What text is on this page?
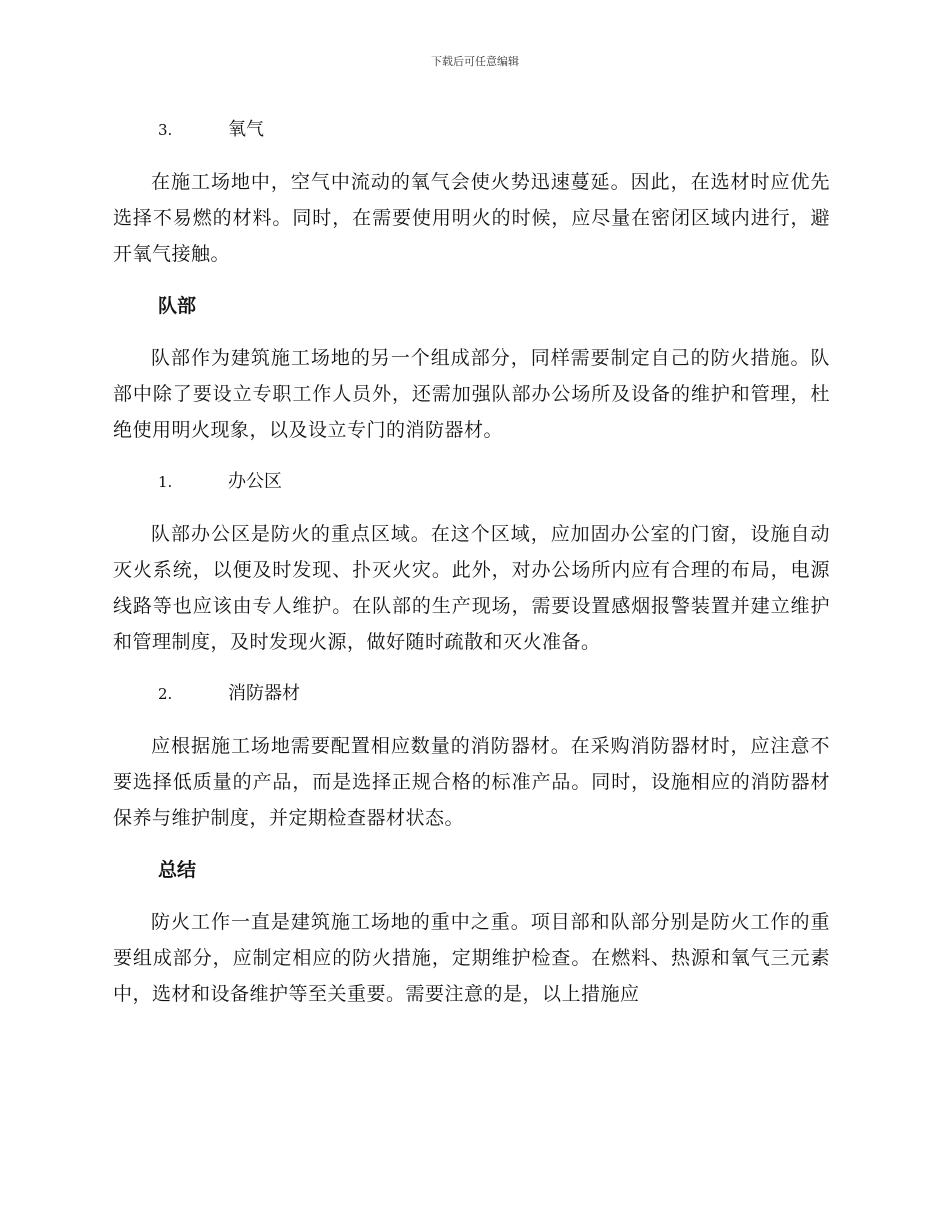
下载后可任意编辑
3.	氧气

在施工场地中，空气中流动的氧气会使火势迅速蔓延。因此，在选材时应优先选择不易燃的材料。同时，在需要使用明火的时候，应尽量在密闭区域内进行，避开氧气接触。

队部

队部作为建筑施工场地的另一个组成部分，同样需要制定自己的防火措施。队部中除了要设立专职工作人员外，还需加强队部办公场所及设备的维护和管理，杜绝使用明火现象，以及设立专门的消防器材。

1.	办公区

队部办公区是防火的重点区域。在这个区域，应加固办公室的门窗，设施自动灭火系统，以便及时发现、扑灭火灾。此外，对办公场所内应有合理的布局，电源线路等也应该由专人维护。在队部的生产现场，需要设置感烟报警装置并建立维护和管理制度，及时发现火源，做好随时疏散和灭火准备。

2.	消防器材

应根据施工场地需要配置相应数量的消防器材。在采购消防器材时，应注意不要选择低质量的产品，而是选择正规合格的标准产品。同时，设施相应的消防器材保养与维护制度，并定期检查器材状态。

总结

防火工作一直是建筑施工场地的重中之重。项目部和队部分别是防火工作的重要组成部分，应制定相应的防火措施，定期维护检查。在燃料、热源和氧气三元素中，选材和设备维护等至关重要。需要注意的是，以上措施应
